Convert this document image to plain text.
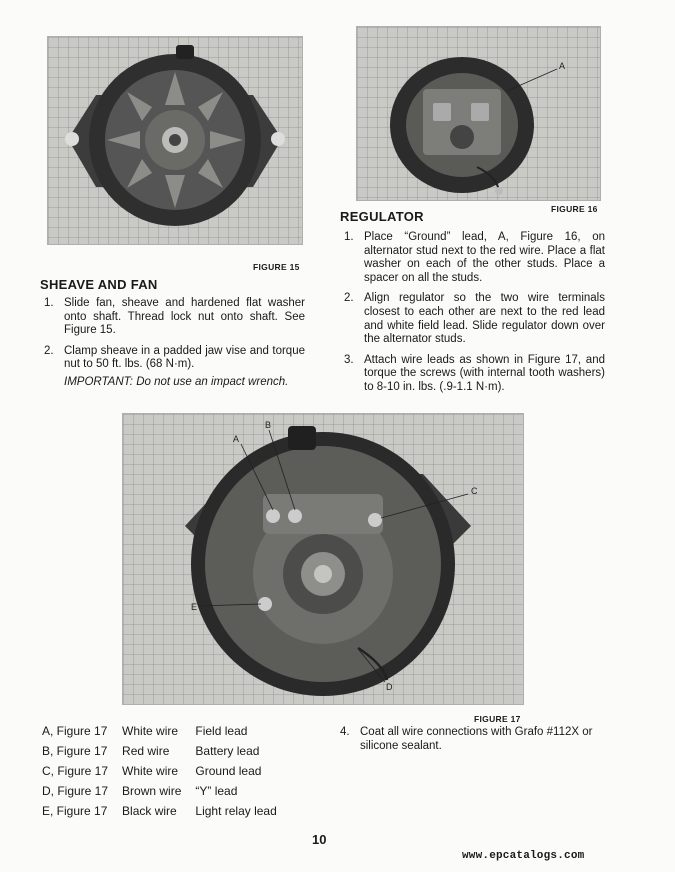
FIGURE 15
A
FIGURE 16
SHEAVE AND FAN
1. Slide fan, sheave and hardened flat washer onto shaft. Thread lock nut onto shaft. See Figure 15.
2. Clamp sheave in a padded jaw vise and torque nut to 50 ft. lbs. (68 N·m).
IMPORTANT: Do not use an impact wrench.
REGULATOR
1. Place “Ground” lead, A, Figure 16, on alternator stud next to the red wire. Place a flat washer on each of the other studs. Place a spacer on all the studs.
2. Align regulator so the two wire terminals closest to each other are next to the red lead and white field lead. Slide regulator down over the alternator studs.
3. Attach wire leads as shown in Figure 17, and torque the screws (with internal tooth washers) to 8-10 in. lbs. (.9-1.1 N·m).
A
B
C
D
E
FIGURE 17
A, Figure 17	White wire	Field lead
B, Figure 17	Red wire	Battery lead
C, Figure 17	White wire	Ground lead
D, Figure 17	Brown wire	“Y” lead
E, Figure 17	Black wire	Light relay lead
4. Coat all wire connections with Grafo #112X or silicone sealant.
10
www.epcatalogs.com
